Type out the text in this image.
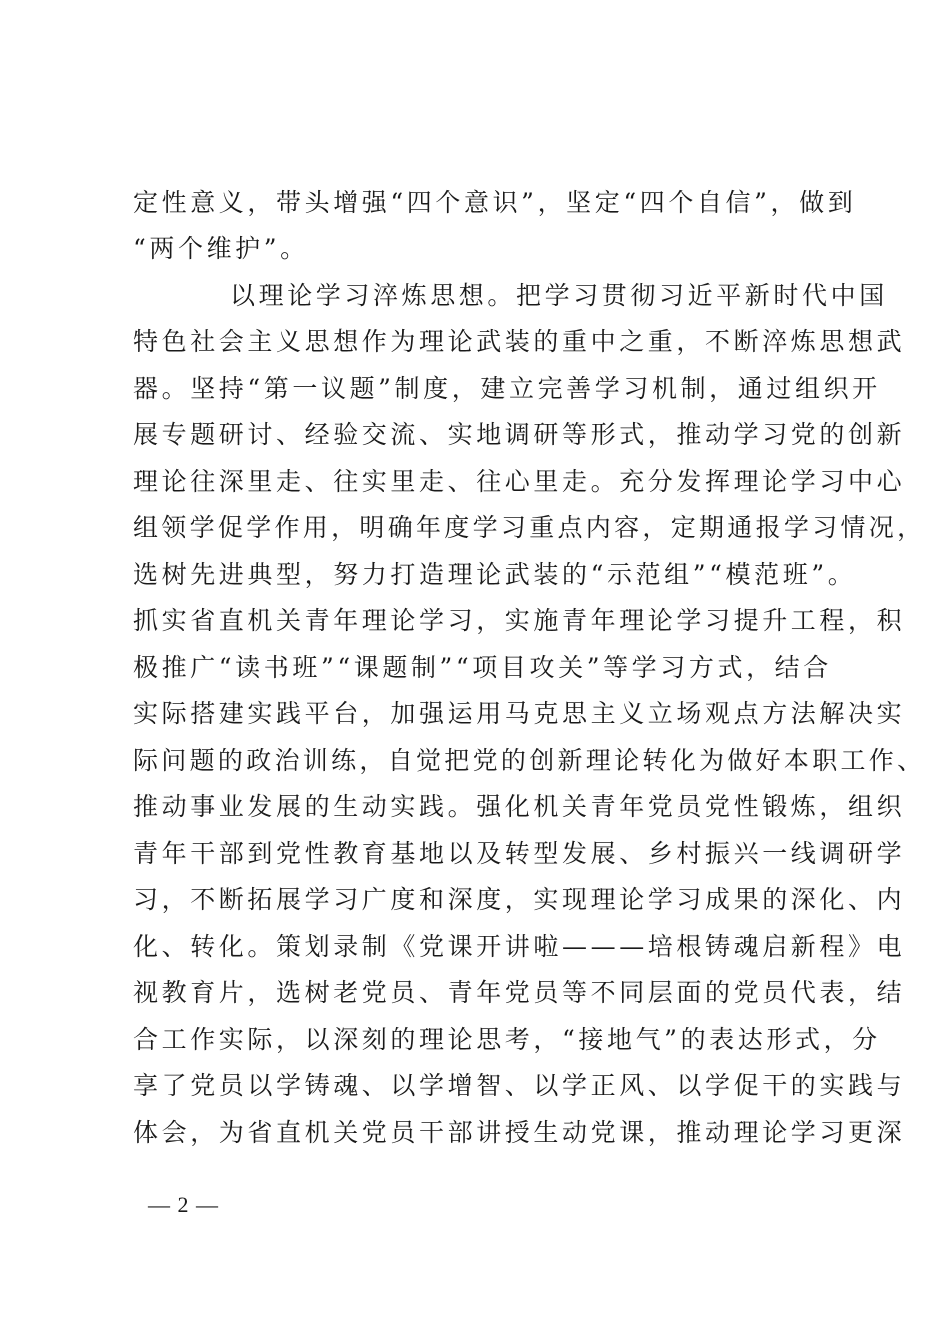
定性意义，带头增强“四个意识”，坚定“四个自信”，做到
“两个维护”。
以理论学习淬炼思想。把学习贯彻习近平新时代中国
特色社会主义思想作为理论武装的重中之重，不断淬炼思想武
器。坚持“第一议题”制度，建立完善学习机制，通过组织开
展专题研讨、经验交流、实地调研等形式，推动学习党的创新
理论往深里走、往实里走、往心里走。充分发挥理论学习中心
组领学促学作用，明确年度学习重点内容，定期通报学习情况，
选树先进典型，努力打造理论武装的“示范组”“模范班”。
抓实省直机关青年理论学习，实施青年理论学习提升工程，积
极推广“读书班”“课题制”“项目攻关”等学习方式，结合
实际搭建实践平台，加强运用马克思主义立场观点方法解决实
际问题的政治训练，自觉把党的创新理论转化为做好本职工作、
推动事业发展的生动实践。强化机关青年党员党性锻炼，组织
青年干部到党性教育基地以及转型发展、乡村振兴一线调研学
习，不断拓展学习广度和深度，实现理论学习成果的深化、内
化、转化。策划录制《党课开讲啦———培根铸魂启新程》电
视教育片，选树老党员、青年党员等不同层面的党员代表，结
合工作实际，以深刻的理论思考，“接地气”的表达形式，分
享了党员以学铸魂、以学增智、以学正风、以学促干的实践与
体会，为省直机关党员干部讲授生动党课，推动理论学习更深
— 2 —
